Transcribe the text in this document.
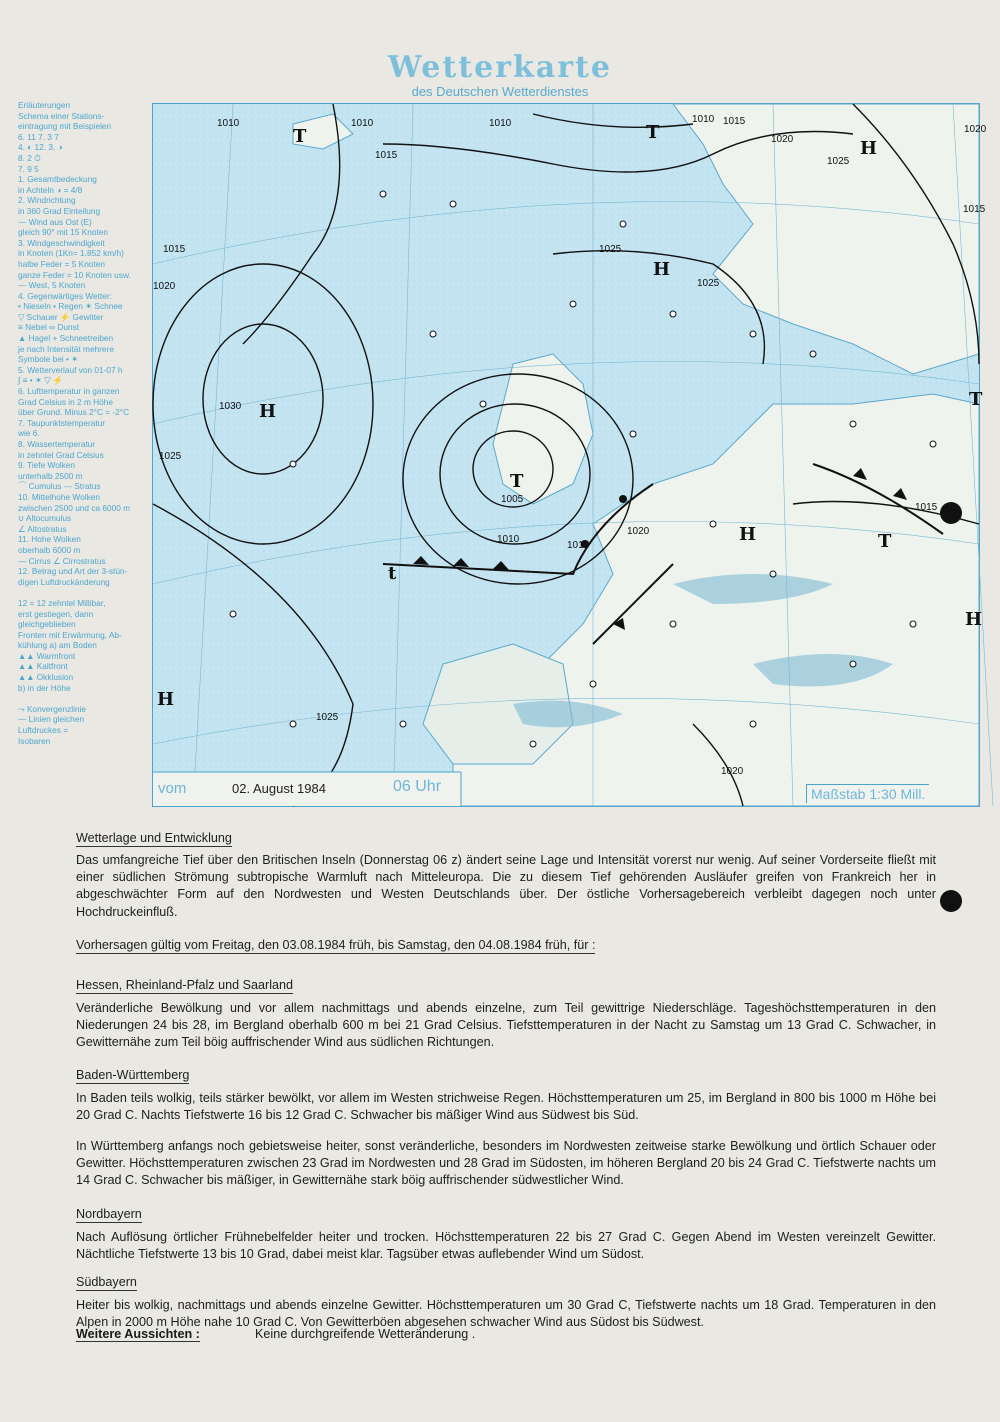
Wetterkarte
des Deutschen Wetterdienstes
Erläuterungen
Schema einer Stations-
eintragung mit Beispielen
6. 11 7. 3 7
4. ◐ 12. 3. ◑
8. 2 ⏱
7. 9 5
1. Gesamtbedeckung
in Achteln ◑ = 4/8
2. Windrichtung
in 360 Grad Einteilung
⎯⎯ Wind aus Ost (E)
gleich 90° mit 15 Knoten
3. Windgeschwindigkeit
in Knoten (1Kn= 1.852 km/h)
halbe Feder = 5 Knoten
ganze Feder = 10 Knoten usw.
⎯⎯ West, 5 Knoten
4. Gegenwärtiges Wetter:
• Nieseln • Regen ✶ Schnee
▽ Schauer ⚡ Gewitter
≡ Nebel ∞ Dunst
▲ Hagel + Schneetreiben
je nach Intensität mehrere
Symbole bei • ✶
5. Wetterverlauf von 01-07 h
∫ ≡ • ✶ ▽ ⚡
6. Lufttemperatur in ganzen
Grad Celsius in 2 m Höhe
über Grund. Minus 2°C = -2°C
7. Taupunktstemperatur
wie 6.
8. Wassertemperatur
in zehntel Grad Celsius
9. Tiefe Wolken
unterhalb 2500 m
⌒ Cumulus --- Stratus
10. Mittelhohe Wolken
zwischen 2500 und ca 6000 m
∪ Altocumulus
∠ Altostratus
11. Hohe Wolken
oberhalb 6000 m
— Cirrus ∠ Cirrostratus
12. Betrag und Art der 3-stün-
digen Luftdruckänderung

12 = 12 zehntel Millibar,
erst gestiegen, dann
gleichgeblieben
Fronten mit Erwärmung, Ab-
kühlung a) am Boden
▲▲ Warmfront
▲▲ Kaltfront
▲▲ Okklusion
b) in der Höhe

⤳ Konvergenzlinie
⎯⎯ Linien gleichen
Luftdruckes =
Isobaren
1010	1010	1010	1010 1015
1020
1020
1025
1015
1015
1025
1025
1015
1020
1030
1025
1005
1010
1015
1020
1015
1025
1020
T	T
H
H
H
T
H	T
T
H
H
t
vom	02. August 1984	06 Uhr	Maßstab 1:30 Mill.
Wetterlage und Entwicklung

Das umfangreiche Tief über den Britischen Inseln (Donnerstag 06 z) ändert seine Lage und Intensität vorerst nur wenig. Auf seiner Vorderseite fließt mit einer südlichen Strömung subtropische Warmluft nach Mitteleuropa. Die zu diesem Tief gehörenden Ausläufer greifen von Frankreich her in abgeschwächter Form auf den Nordwesten und Westen Deutschlands über. Der östliche Vorhersagebereich verbleibt dagegen noch unter Hochdruckeinfluß.

Vorhersagen gültig vom Freitag, den 03.08.1984 früh, bis Samstag, den 04.08.1984 früh, für :
Hessen, Rheinland-Pfalz und Saarland

Veränderliche Bewölkung und vor allem nachmittags und abends einzelne, zum Teil gewittrige Niederschläge. Tageshöchsttemperaturen in den Niederungen 24 bis 28, im Bergland oberhalb 600 m bei 21 Grad Celsius. Tiefsttemperaturen in der Nacht zu Samstag um 13 Grad C. Schwacher, in Gewitternähe zum Teil böig auffrischender Wind aus südlichen Richtungen.

Baden-Württemberg

In Baden teils wolkig, teils stärker bewölkt, vor allem im Westen strichweise Regen. Höchsttemperaturen um 25, im Bergland in 800 bis 1000 m Höhe bei 20 Grad C. Nachts Tiefstwerte 16 bis 12 Grad C. Schwacher bis mäßiger Wind aus Südwest bis Süd.

In Württemberg anfangs noch gebietsweise heiter, sonst veränderliche, besonders im Nordwesten zeitweise starke Bewölkung und örtlich Schauer oder Gewitter. Höchsttemperaturen zwischen 23 Grad im Nordwesten und 28 Grad im Südosten, im höheren Bergland 20 bis 24 Grad C. Tiefstwerte nachts um 14 Grad C. Schwacher bis mäßiger, in Gewitternähe stark böig auffrischender südwestlicher Wind.

Nordbayern

Nach Auflösung örtlicher Frühnebelfelder heiter und trocken. Höchsttemperaturen 22 bis 27 Grad C. Gegen Abend im Westen vereinzelt Gewitter. Nächtliche Tiefstwerte 13 bis 10 Grad, dabei meist klar. Tagsüber etwas auflebender Wind um Südost.

Südbayern

Heiter bis wolkig, nachmittags und abends einzelne Gewitter. Höchsttemperaturen um 30 Grad C, Tiefstwerte nachts um 18 Grad. Temperaturen in den Alpen in 2000 m Höhe nahe 10 Grad C. Von Gewitterböen abgesehen schwacher Wind aus Südost bis Südwest.

Weitere Aussichten :	Keine durchgreifende Wetteränderung .
